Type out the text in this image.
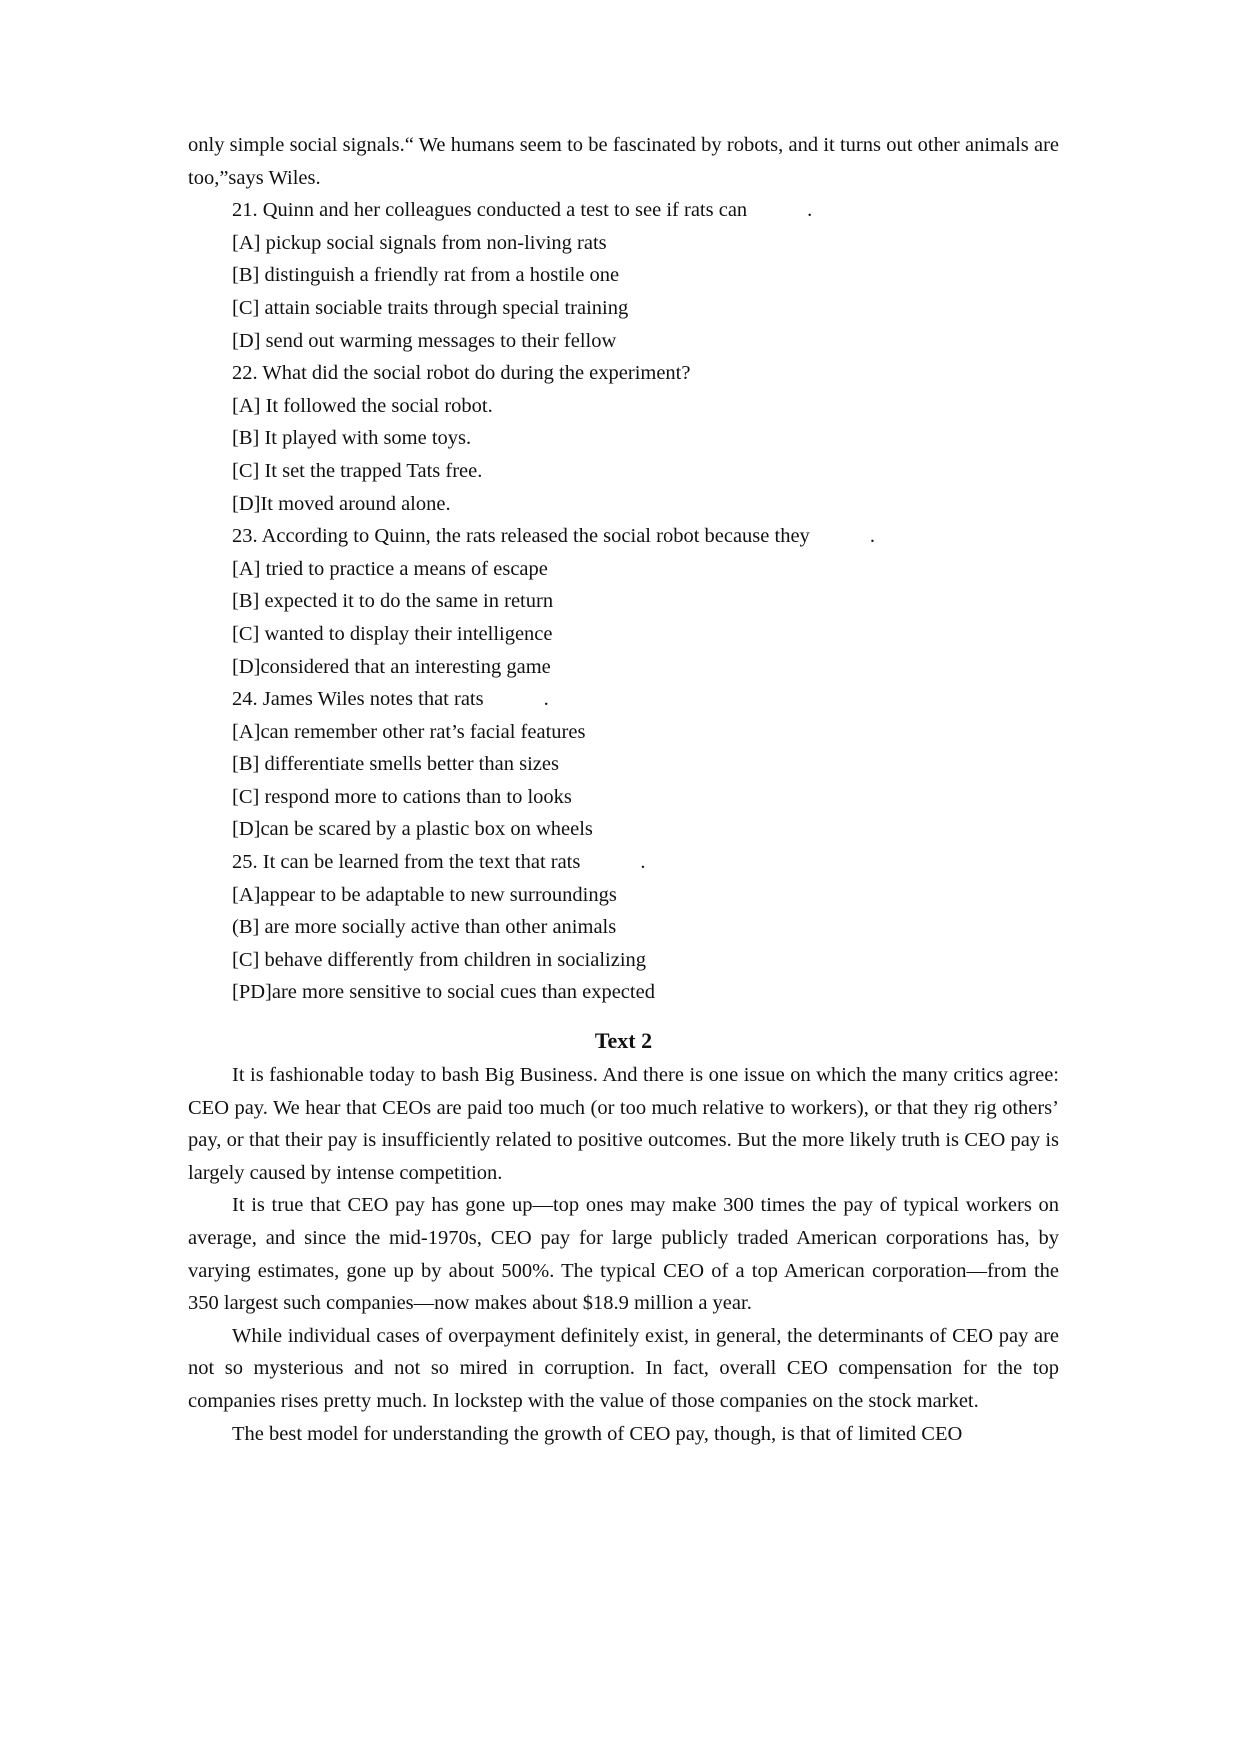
only simple social signals.“ We humans seem to be fascinated by robots, and it turns out other animals are too,”says Wiles.

21. Quinn and her colleagues conducted a test to see if rats can	.
[A] pickup social signals from non-living rats
[B] distinguish a friendly rat from a hostile one
[C] attain sociable traits through special training
[D] send out warming messages to their fellow
22. What did the social robot do during the experiment?
[A] It followed the social robot.
[B] It played with some toys.
[C] It set the trapped Tats free.
[D]It moved around alone.
23. According to Quinn, the rats released the social robot because they	.
[A] tried to practice a means of escape
[B] expected it to do the same in return
[C] wanted to display their intelligence
[D]considered that an interesting game
24. James Wiles notes that rats	.
[A]can remember other rat’s facial features
[B] differentiate smells better than sizes
[C] respond more to cations than to looks
[D]can be scared by a plastic box on wheels
25. It can be learned from the text that rats	.
[A]appear to be adaptable to new surroundings
(B] are more socially active than other animals
[C] behave differently from children in socializing
[PD]are more sensitive to social cues than expected
Text 2

It is fashionable today to bash Big Business. And there is one issue on which the many critics agree: CEO pay. We hear that CEOs are paid too much (or too much relative to workers), or that they rig others’ pay, or that their pay is insufficiently related to positive outcomes. But the more likely truth is CEO pay is largely caused by intense competition.

It is true that CEO pay has gone up—top ones may make 300 times the pay of typical workers on average, and since the mid-1970s, CEO pay for large publicly traded American corporations has, by varying estimates, gone up by about 500%. The typical CEO of a top American corporation—from the 350 largest such companies—now makes about $18.9 million a year.

While individual cases of overpayment definitely exist, in general, the determinants of CEO pay are not so mysterious and not so mired in corruption. In fact, overall CEO compensation for the top companies rises pretty much. In lockstep with the value of those companies on the stock market.

The best model for understanding the growth of CEO pay, though, is that of limited CEO
